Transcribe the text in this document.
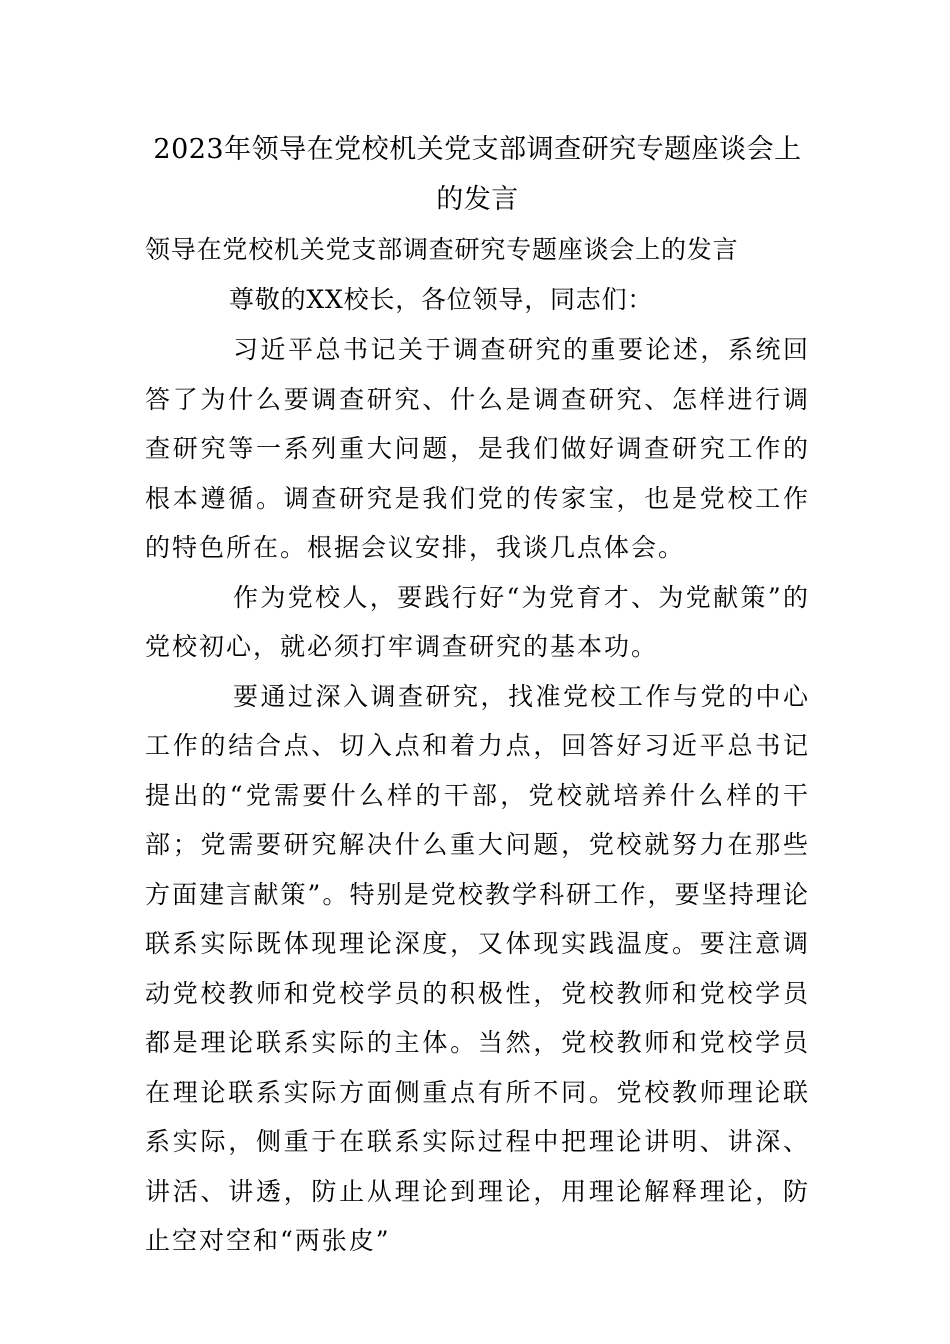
2023年领导在党校机关党支部调查研究专题座谈会上的发言

领导在党校机关党支部调查研究专题座谈会上的发言

尊敬的XX校长，各位领导，同志们：

习近平总书记关于调查研究的重要论述，系统回答了为什么要调查研究、什么是调查研究、怎样进行调查研究等一系列重大问题，是我们做好调查研究工作的根本遵循。调查研究是我们党的传家宝，也是党校工作的特色所在。根据会议安排，我谈几点体会。

作为党校人，要践行好“为党育才、为党献策”的党校初心，就必须打牢调查研究的基本功。

要通过深入调查研究，找准党校工作与党的中心工作的结合点、切入点和着力点，回答好习近平总书记提出的“党需要什么样的干部，党校就培养什么样的干部；党需要研究解决什么重大问题，党校就努力在那些方面建言献策”。特别是党校教学科研工作，要坚持理论联系实际既体现理论深度，又体现实践温度。要注意调动党校教师和党校学员的积极性，党校教师和党校学员都是理论联系实际的主体。当然，党校教师和党校学员在理论联系实际方面侧重点有所不同。党校教师理论联系实际，侧重于在联系实际过程中把理论讲明、讲深、讲活、讲透，防止从理论到理论，用理论解释理论，防止空对空和“两张皮”
